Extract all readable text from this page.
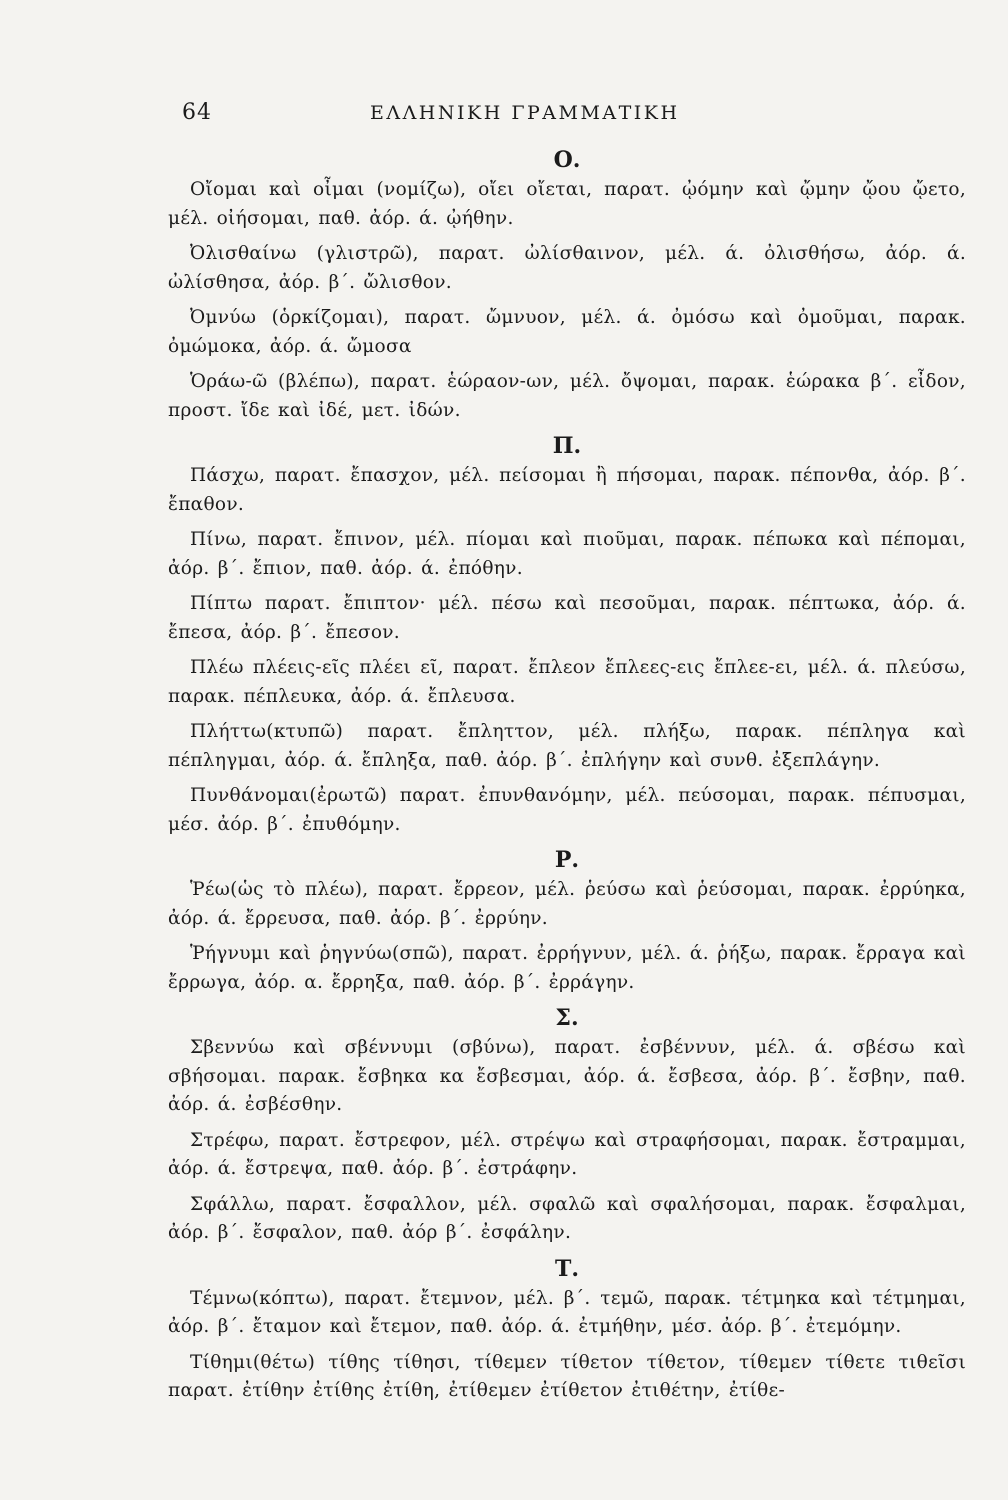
64	ΕΛΛΗΝΙΚΗ ΓΡΑΜΜΑΤΙΚΗ
Ο.

Οἴομαι καὶ οἶμαι (νομίζω), οἴει οἴεται, παρατ. ᾠόμην καὶ ᾤμην ᾤου ᾤετο, μέλ. οἰήσομαι, παθ. ἀόρ. ά. ᾠήθην.

Ὀλισθαίνω (γλιστρῶ), παρατ. ὠλίσθαινον, μέλ. ά. ὀλισθήσω, ἀόρ. ά. ὠλίσθησα, ἀόρ. β΄. ὤλισθον.

Ὀμνύω (ὁρκίζομαι), παρατ. ὤμνυον, μέλ. ά. ὀμόσω καὶ ὀμοῦμαι, παρακ. ὀμώμοκα, ἀόρ. ά. ὤμοσα

Ὁράω-ῶ (βλέπω), παρατ. ἑώραον-ων, μέλ. ὄψομαι, παρακ. ἑώρακα β΄. εἶδον, προστ. ἴδε καὶ ἰδέ, μετ. ἰδών.

Π.

Πάσχω, παρατ. ἔπασχον, μέλ. πείσομαι ἢ πήσομαι, παρακ. πέπονθα, ἀόρ. β΄. ἔπαθον.

Πίνω, παρατ. ἔπινον, μέλ. πίομαι καὶ πιοῦμαι, παρακ. πέπωκα καὶ πέπομαι, ἀόρ. β΄. ἔπιον, παθ. ἀόρ. ά. ἐπόθην.

Πίπτω παρατ. ἔπιπτον· μέλ. πέσω καὶ πεσοῦμαι, παρακ. πέπτωκα, ἀόρ. ά. ἔπεσα, ἀόρ. β΄. ἔπεσον.

Πλέω πλέεις-εῖς πλέει εῖ, παρατ. ἔπλεον ἔπλεες-εις ἔπλεε-ει, μέλ. ά. πλεύσω, παρακ. πέπλευκα, ἀόρ. ά. ἔπλευσα.

Πλήττω(κτυπῶ) παρατ. ἔπληττον, μέλ. πλήξω, παρακ. πέπληγα καὶ πέπληγμαι, ἀόρ. ά. ἔπληξα, παθ. ἀόρ. β΄. ἐπλήγην καὶ συνθ. ἐξεπλάγην.

Πυνθάνομαι(ἐρωτῶ) παρατ. ἐπυνθανόμην, μέλ. πεύσομαι, παρακ. πέπυσμαι, μέσ. ἀόρ. β΄. ἐπυθόμην.

Ρ.

Ῥέω(ὡς τὸ πλέω), παρατ. ἔρρεον, μέλ. ῥεύσω καὶ ῥεύσομαι, παρακ. ἐρρύηκα, ἀόρ. ά. ἔρρευσα, παθ. ἀόρ. β΄. ἐρρύην.

Ῥήγνυμι καὶ ῥηγνύω(σπῶ), παρατ. ἐρρήγνυν, μέλ. ά. ῥήξω, παρακ. ἔρραγα καὶ ἔρρωγα, ἀόρ. α. ἔρρηξα, παθ. ἀόρ. β΄. ἐρράγην.

Σ.

Σβεννύω καὶ σβέννυμι (σβύνω), παρατ. ἐσβέννυν, μέλ. ά. σβέσω καὶ σβήσομαι. παρακ. ἔσβηκα κα ἔσβεσμαι, ἀόρ. ά. ἔσβεσα, ἀόρ. β΄. ἔσβην, παθ. ἀόρ. ά. ἐσβέσθην.

Στρέφω, παρατ. ἔστρεφον, μέλ. στρέψω καὶ στραφήσομαι, παρακ. ἔστραμμαι, ἀόρ. ά. ἔστρεψα, παθ. ἀόρ. β΄. ἐστράφην.

Σφάλλω, παρατ. ἔσφαλλον, μέλ. σφαλῶ καὶ σφαλήσομαι, παρακ. ἔσφαλμαι, ἀόρ. β΄. ἔσφαλον, παθ. ἀόρ β΄. ἐσφάλην.

Τ.

Τέμνω(κόπτω), παρατ. ἔτεμνον, μέλ. β΄. τεμῶ, παρακ. τέτμηκα καὶ τέτμημαι, ἀόρ. β΄. ἔταμον καὶ ἔτεμον, παθ. ἀόρ. ά. ἐτμήθην, μέσ. ἀόρ. β΄. ἐτεμόμην.

Τίθημι(θέτω) τίθης τίθησι, τίθεμεν τίθετον τίθετον, τίθεμεν τίθετε τιθεῖσι παρατ. ἐτίθην ἐτίθης ἐτίθη, ἐτίθεμεν ἐτίθετον ἐτιθέτην, ἐτίθε-
